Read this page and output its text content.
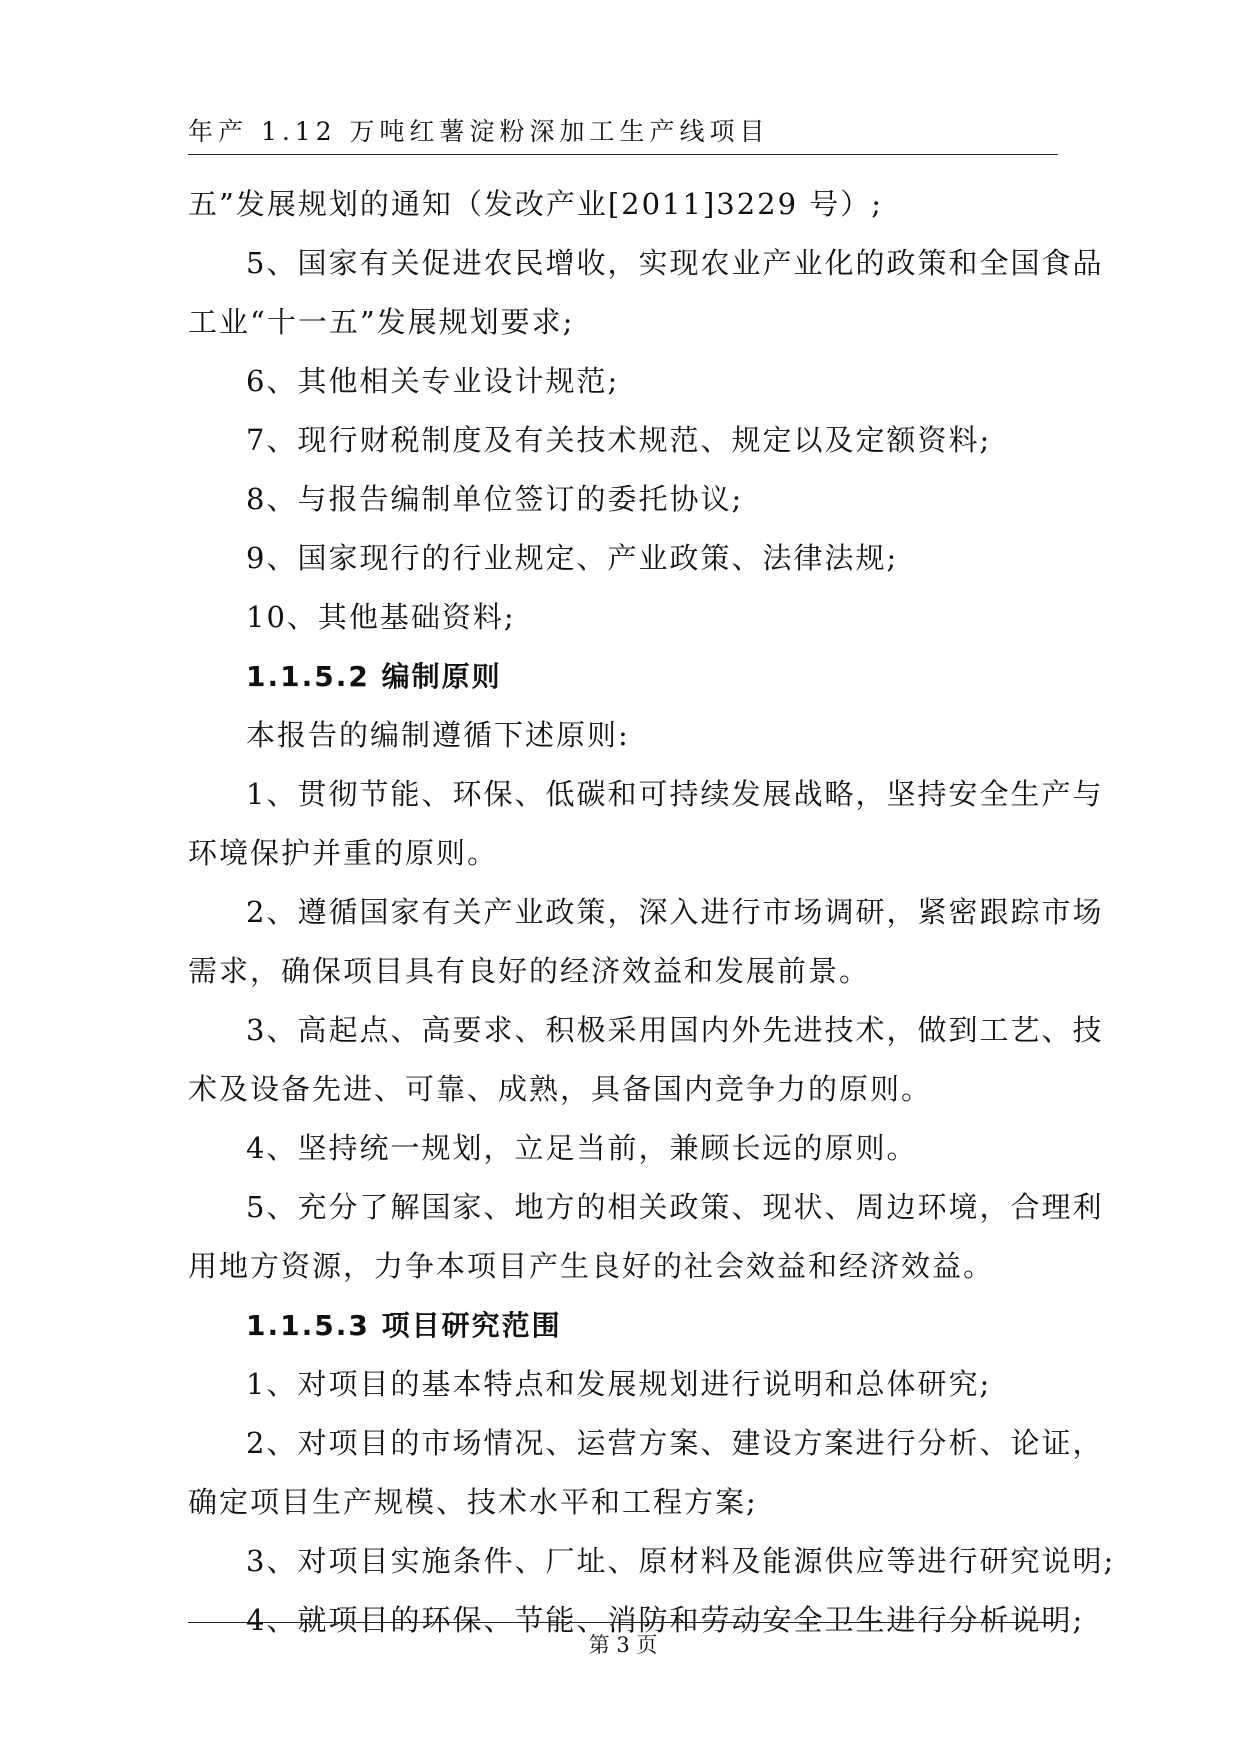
年产 1.12 万吨红薯淀粉深加工生产线项目
五”发展规划的通知（发改产业[2011]3229 号）;
5、国家有关促进农民增收，实现农业产业化的政策和全国食品
工业“十一五”发展规划要求;
6、其他相关专业设计规范;
7、现行财税制度及有关技术规范、规定以及定额资料;
8、与报告编制单位签订的委托协议;
9、国家现行的行业规定、产业政策、法律法规;
10、其他基础资料;
1.1.5.2 编制原则
本报告的编制遵循下述原则:
1、贯彻节能、环保、低碳和可持续发展战略，坚持安全生产与
环境保护并重的原则。
2、遵循国家有关产业政策，深入进行市场调研，紧密跟踪市场
需求，确保项目具有良好的经济效益和发展前景。
3、高起点、高要求、积极采用国内外先进技术，做到工艺、技
术及设备先进、可靠、成熟，具备国内竞争力的原则。
4、坚持统一规划，立足当前，兼顾长远的原则。
5、充分了解国家、地方的相关政策、现状、周边环境，合理利
用地方资源，力争本项目产生良好的社会效益和经济效益。
1.1.5.3 项目研究范围
1、对项目的基本特点和发展规划进行说明和总体研究;
2、对项目的市场情况、运营方案、建设方案进行分析、论证，
确定项目生产规模、技术水平和工程方案;
3、对项目实施条件、厂址、原材料及能源供应等进行研究说明;
4、就项目的环保、节能、消防和劳动安全卫生进行分析说明;
第 3 页
